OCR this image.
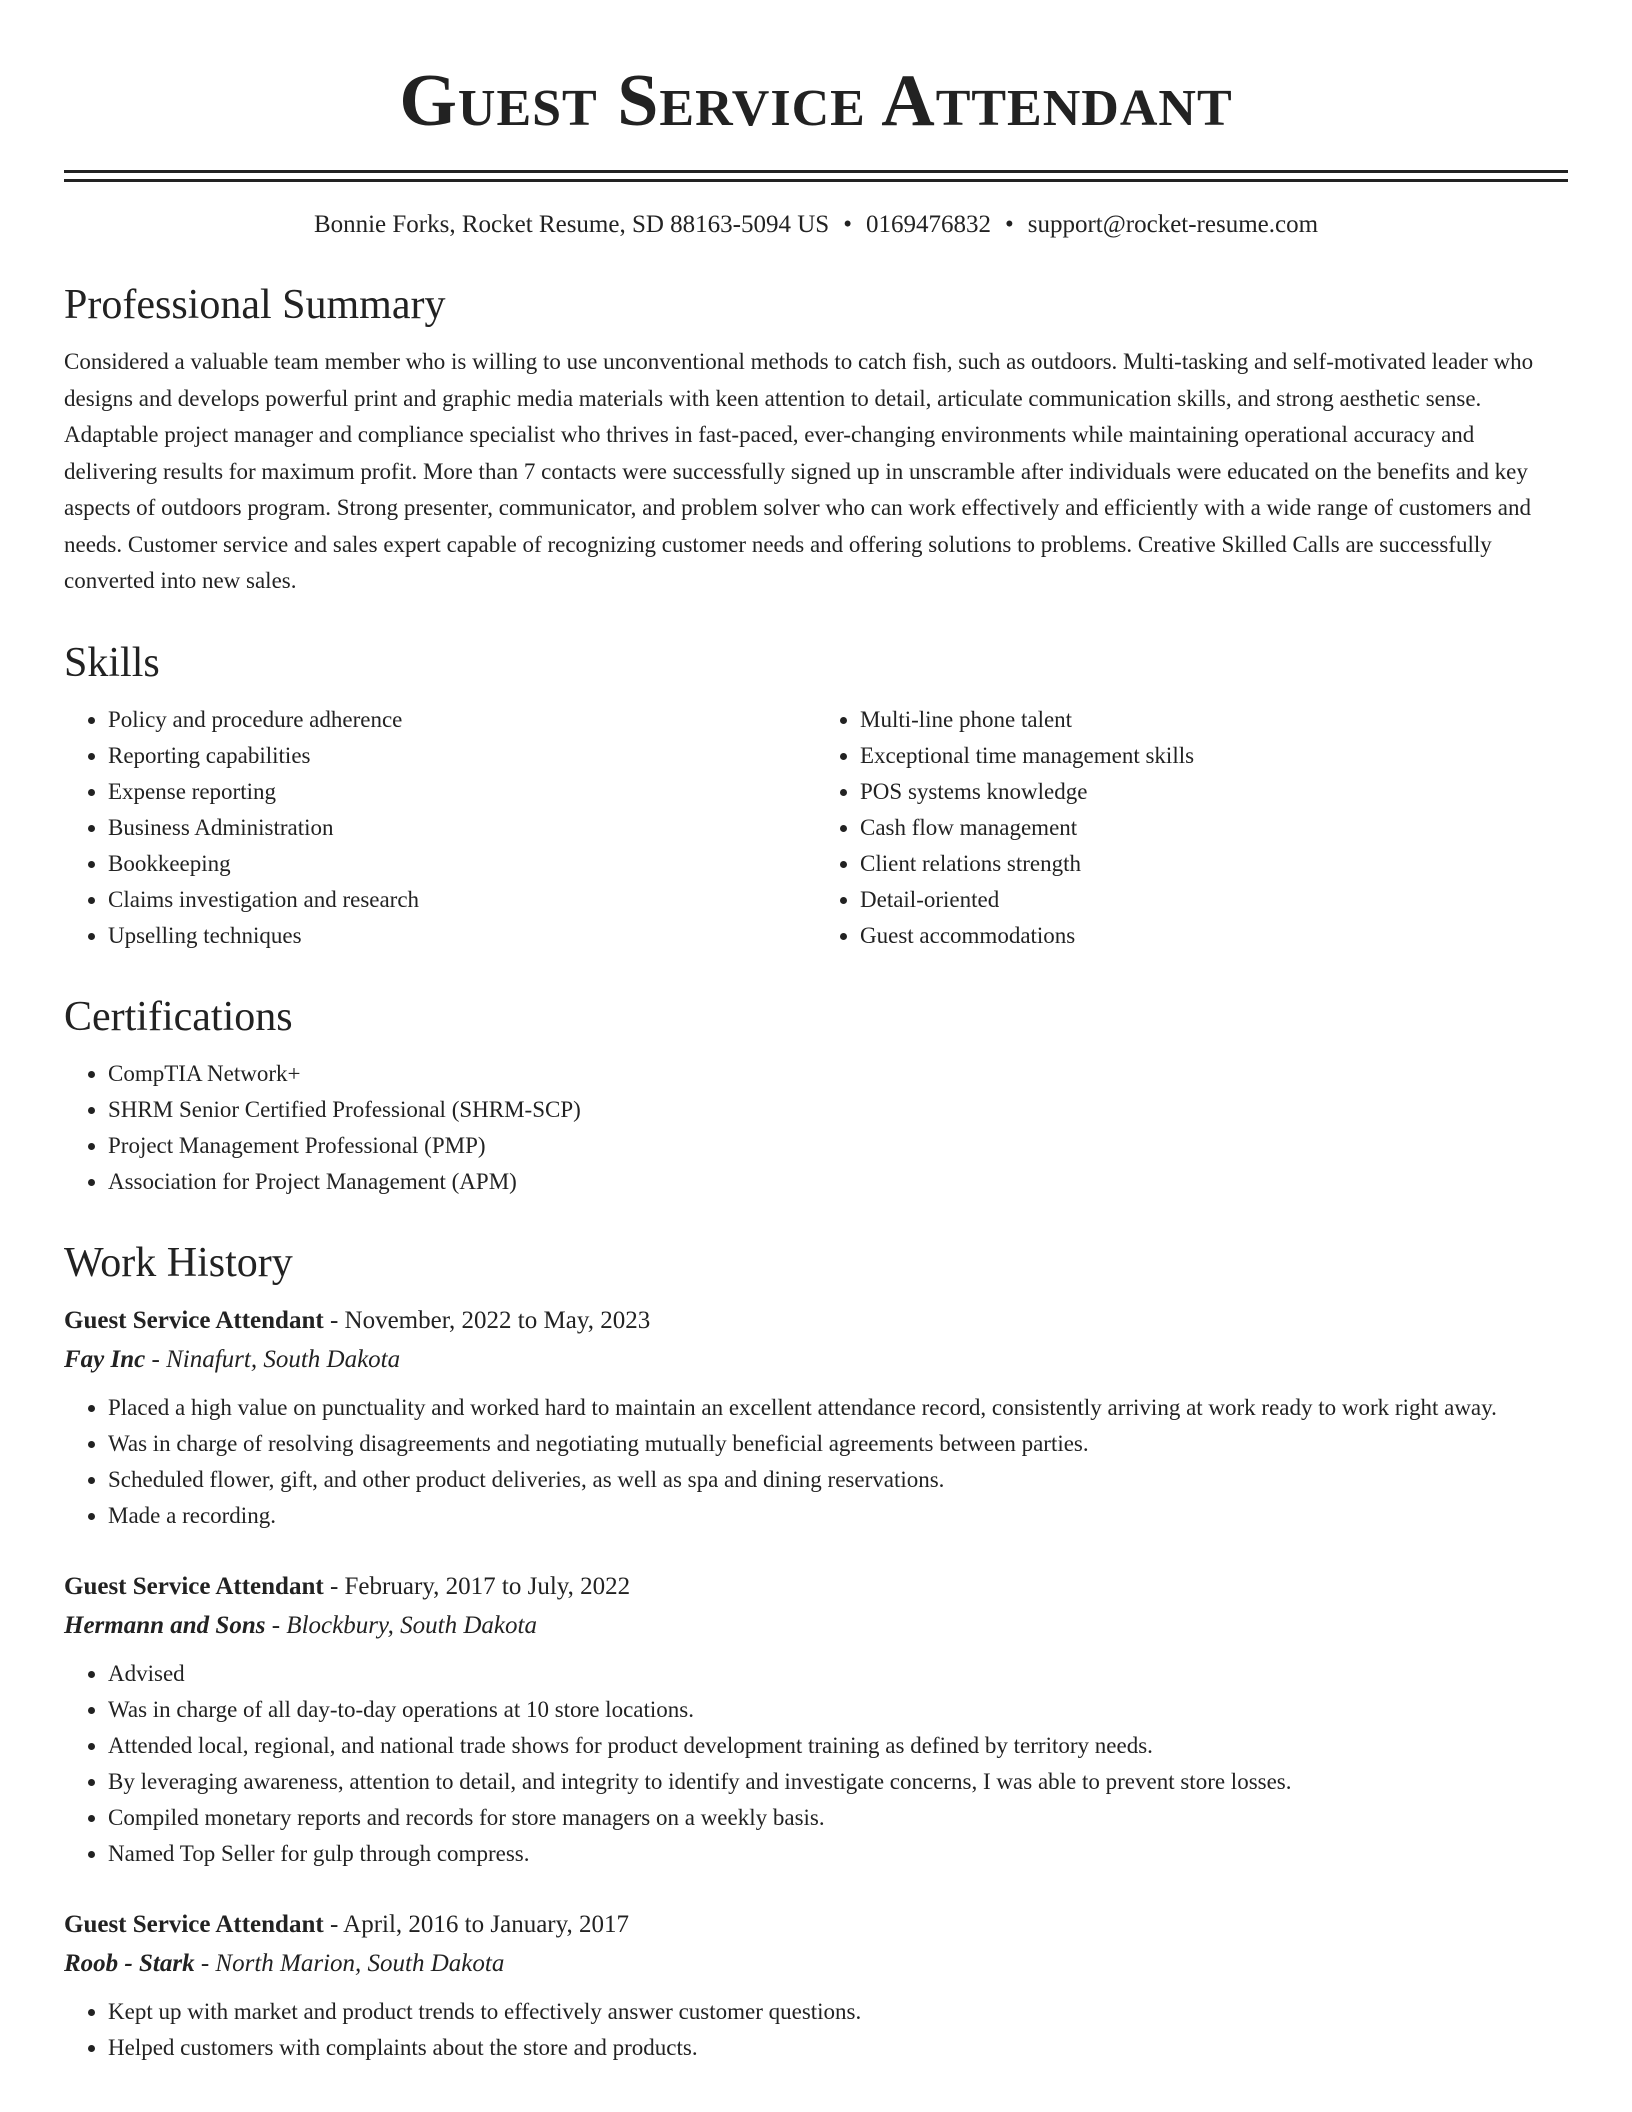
Guest Service Attendant
Bonnie Forks, Rocket Resume, SD 88163-5094 US • 0169476832 • support@rocket-resume.com
Professional Summary

Considered a valuable team member who is willing to use unconventional methods to catch fish, such as outdoors. Multi-tasking and self-motivated leader who designs and develops powerful print and graphic media materials with keen attention to detail, articulate communication skills, and strong aesthetic sense. Adaptable project manager and compliance specialist who thrives in fast-paced, ever-changing environments while maintaining operational accuracy and delivering results for maximum profit. More than 7 contacts were successfully signed up in unscramble after individuals were educated on the benefits and key aspects of outdoors program. Strong presenter, communicator, and problem solver who can work effectively and efficiently with a wide range of customers and needs. Customer service and sales expert capable of recognizing customer needs and offering solutions to problems. Creative Skilled Calls are successfully converted into new sales.

Skills
• Policy and procedure adherence
• Reporting capabilities
• Expense reporting
• Business Administration
• Bookkeeping
• Claims investigation and research
• Upselling techniques
• Multi-line phone talent
• Exceptional time management skills
• POS systems knowledge
• Cash flow management
• Client relations strength
• Detail-oriented
• Guest accommodations
Certifications
• CompTIA Network+
• SHRM Senior Certified Professional (SHRM-SCP)
• Project Management Professional (PMP)
• Association for Project Management (APM)
Work History
Guest Service Attendant - November, 2022 to May, 2023
Fay Inc - Ninafurt, South Dakota
• Placed a high value on punctuality and worked hard to maintain an excellent attendance record, consistently arriving at work ready to work right away.
• Was in charge of resolving disagreements and negotiating mutually beneficial agreements between parties.
• Scheduled flower, gift, and other product deliveries, as well as spa and dining reservations.
• Made a recording.
Guest Service Attendant - February, 2017 to July, 2022
Hermann and Sons - Blockbury, South Dakota
• Advised
• Was in charge of all day-to-day operations at 10 store locations.
• Attended local, regional, and national trade shows for product development training as defined by territory needs.
• By leveraging awareness, attention to detail, and integrity to identify and investigate concerns, I was able to prevent store losses.
• Compiled monetary reports and records for store managers on a weekly basis.
• Named Top Seller for gulp through compress.
Guest Service Attendant - April, 2016 to January, 2017
Roob - Stark - North Marion, South Dakota
• Kept up with market and product trends to effectively answer customer questions.
• Helped customers with complaints about the store and products.
